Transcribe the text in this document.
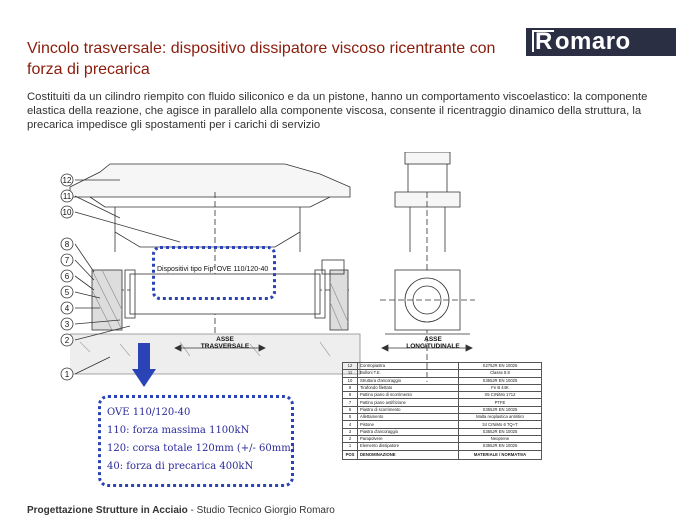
Vincolo trasversale: dispositivo dissipatore viscoso ricentrante con forza di precarica
Romaro

Costituiti da un cilindro riempito con fluido siliconico e da un pistone, hanno un comportamento viscoelastico: la componente elastica della reazione, che agisce in parallelo alla componente viscosa, consente il ricentraggio dinamico della struttura, la precarica impedisce gli spostamenti per i carichi di servizio

12
11
10
8
7
6
5
4
3
2
1
Dispositivi tipo Fip' OVE 110/120-40
ASSE
TRASVERSALE
ASSE
LONGITUDINALE
OVE 110/120-40
110: forza massima 1100kN
120: corsa totale 120mm (+/- 60mm)
40: forza di precarica 400kN
12	Contropiastra	S275JR EN 10025
11	Bulloni T.E.	Classe 8.8
10	Struttura d'ancoraggio	S355JR EN 10025
9	Tirafondo filettato	Fe B 44K
8	Pattino piano di scorrimento	X5 CrNiMo 1712
7	Pattino piano antifrizione	PTFE
6	Piastra di scorrimento	S355JR EN 10025
5	Allettamento	Malta reoplastica antiritiro
4	Pistone	34 CrNiMo 6 TQ+T
3	Piastra d'ancoraggio	S355JR EN 10025
2	Parapolvere	Neoprene
1	Elemento dissipatore	S355JR EN 10025
POS	DENOMINAZIONE	MATERIALE / NORMATIVA
Progettazione Strutture in Acciaio - Studio Tecnico Giorgio Romaro
